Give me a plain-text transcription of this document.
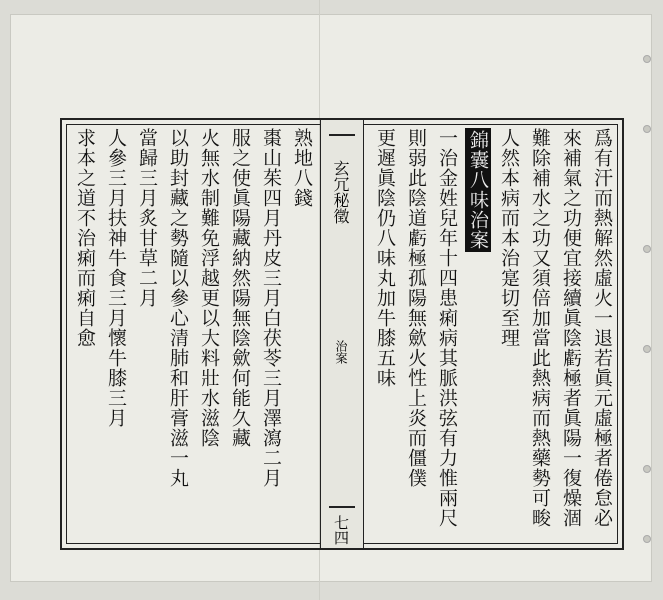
求本之道不治痢而痢自愈 人參三月扶神牛食三月懷牛膝三月 當歸三月炙甘草二月 以助封藏之勢隨以參心清肺和肝膏滋一丸 火無水制難免浮越更以大料壯水滋陰 服之使眞陽藏納然陽無陰歛何能久藏 棗山茱四月丹皮三月白茯苓三月澤瀉二月 熟地八錢 玄冗秘徵
治案
七四
爲有汗而熱解然虛火一退若眞元虛極者倦怠必
來補氣之功便宜接續眞陰虧極者眞陽一復燥涸
難除補水之功又須倍加當此熱病而熱藥勢可畯
人然本病而本治寔切至理
錦囊八味治案
一治金姓兒年十四患痢病其脈洪弦有力惟兩尺
則弱此陰道虧極孤陽無歛火性上炎而僵僕
更遲眞陰仍八味丸加牛膝五味
